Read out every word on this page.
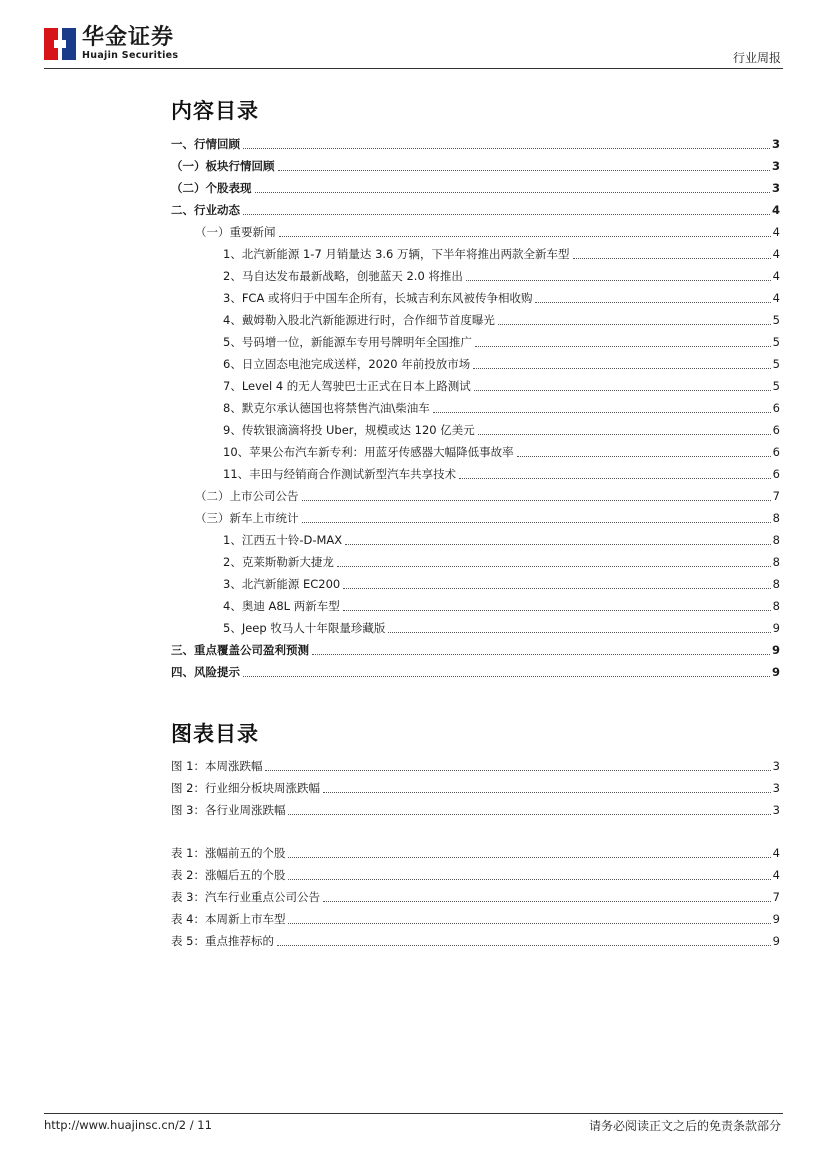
华金证券
Huajin Securities	行业周报
内容目录
一、行情回顾	3
（一）板块行情回顾	3
（二）个股表现	3
二、行业动态	4
（一）重要新闻	4
1、北汽新能源 1-7 月销量达 3.6 万辆，下半年将推出两款全新车型	4
2、马自达发布最新战略，创驰蓝天 2.0 将推出	4
3、FCA 或将归于中国车企所有，长城吉利东风被传争相收购	4
4、戴姆勒入股北汽新能源进行时，合作细节首度曝光	5
5、号码增一位，新能源车专用号牌明年全国推广	5
6、日立固态电池完成送样，2020 年前投放市场	5
7、Level 4 的无人驾驶巴士正式在日本上路测试	5
8、默克尔承认德国也将禁售汽油\柴油车	6
9、传软银滴滴将投 Uber，规模或达 120 亿美元	6
10、苹果公布汽车新专利：用蓝牙传感器大幅降低事故率	6
11、丰田与经销商合作测试新型汽车共享技术	6
（二）上市公司公告	7
（三）新车上市统计	8
1、江西五十铃-D-MAX	8
2、克莱斯勒新大捷龙	8
3、北汽新能源 EC200	8
4、奥迪 A8L 两新车型	8
5、Jeep 牧马人十年限量珍藏版	9
三、重点覆盖公司盈利预测	9
四、风险提示	9
图表目录
图 1：本周涨跌幅	3
图 2：行业细分板块周涨跌幅	3
图 3：各行业周涨跌幅	3
表 1：涨幅前五的个股	4
表 2：涨幅后五的个股	4
表 3：汽车行业重点公司公告	7
表 4：本周新上市车型	9
表 5：重点推荐标的	9
http://www.huajinsc.cn/2 / 11	请务必阅读正文之后的免责条款部分
